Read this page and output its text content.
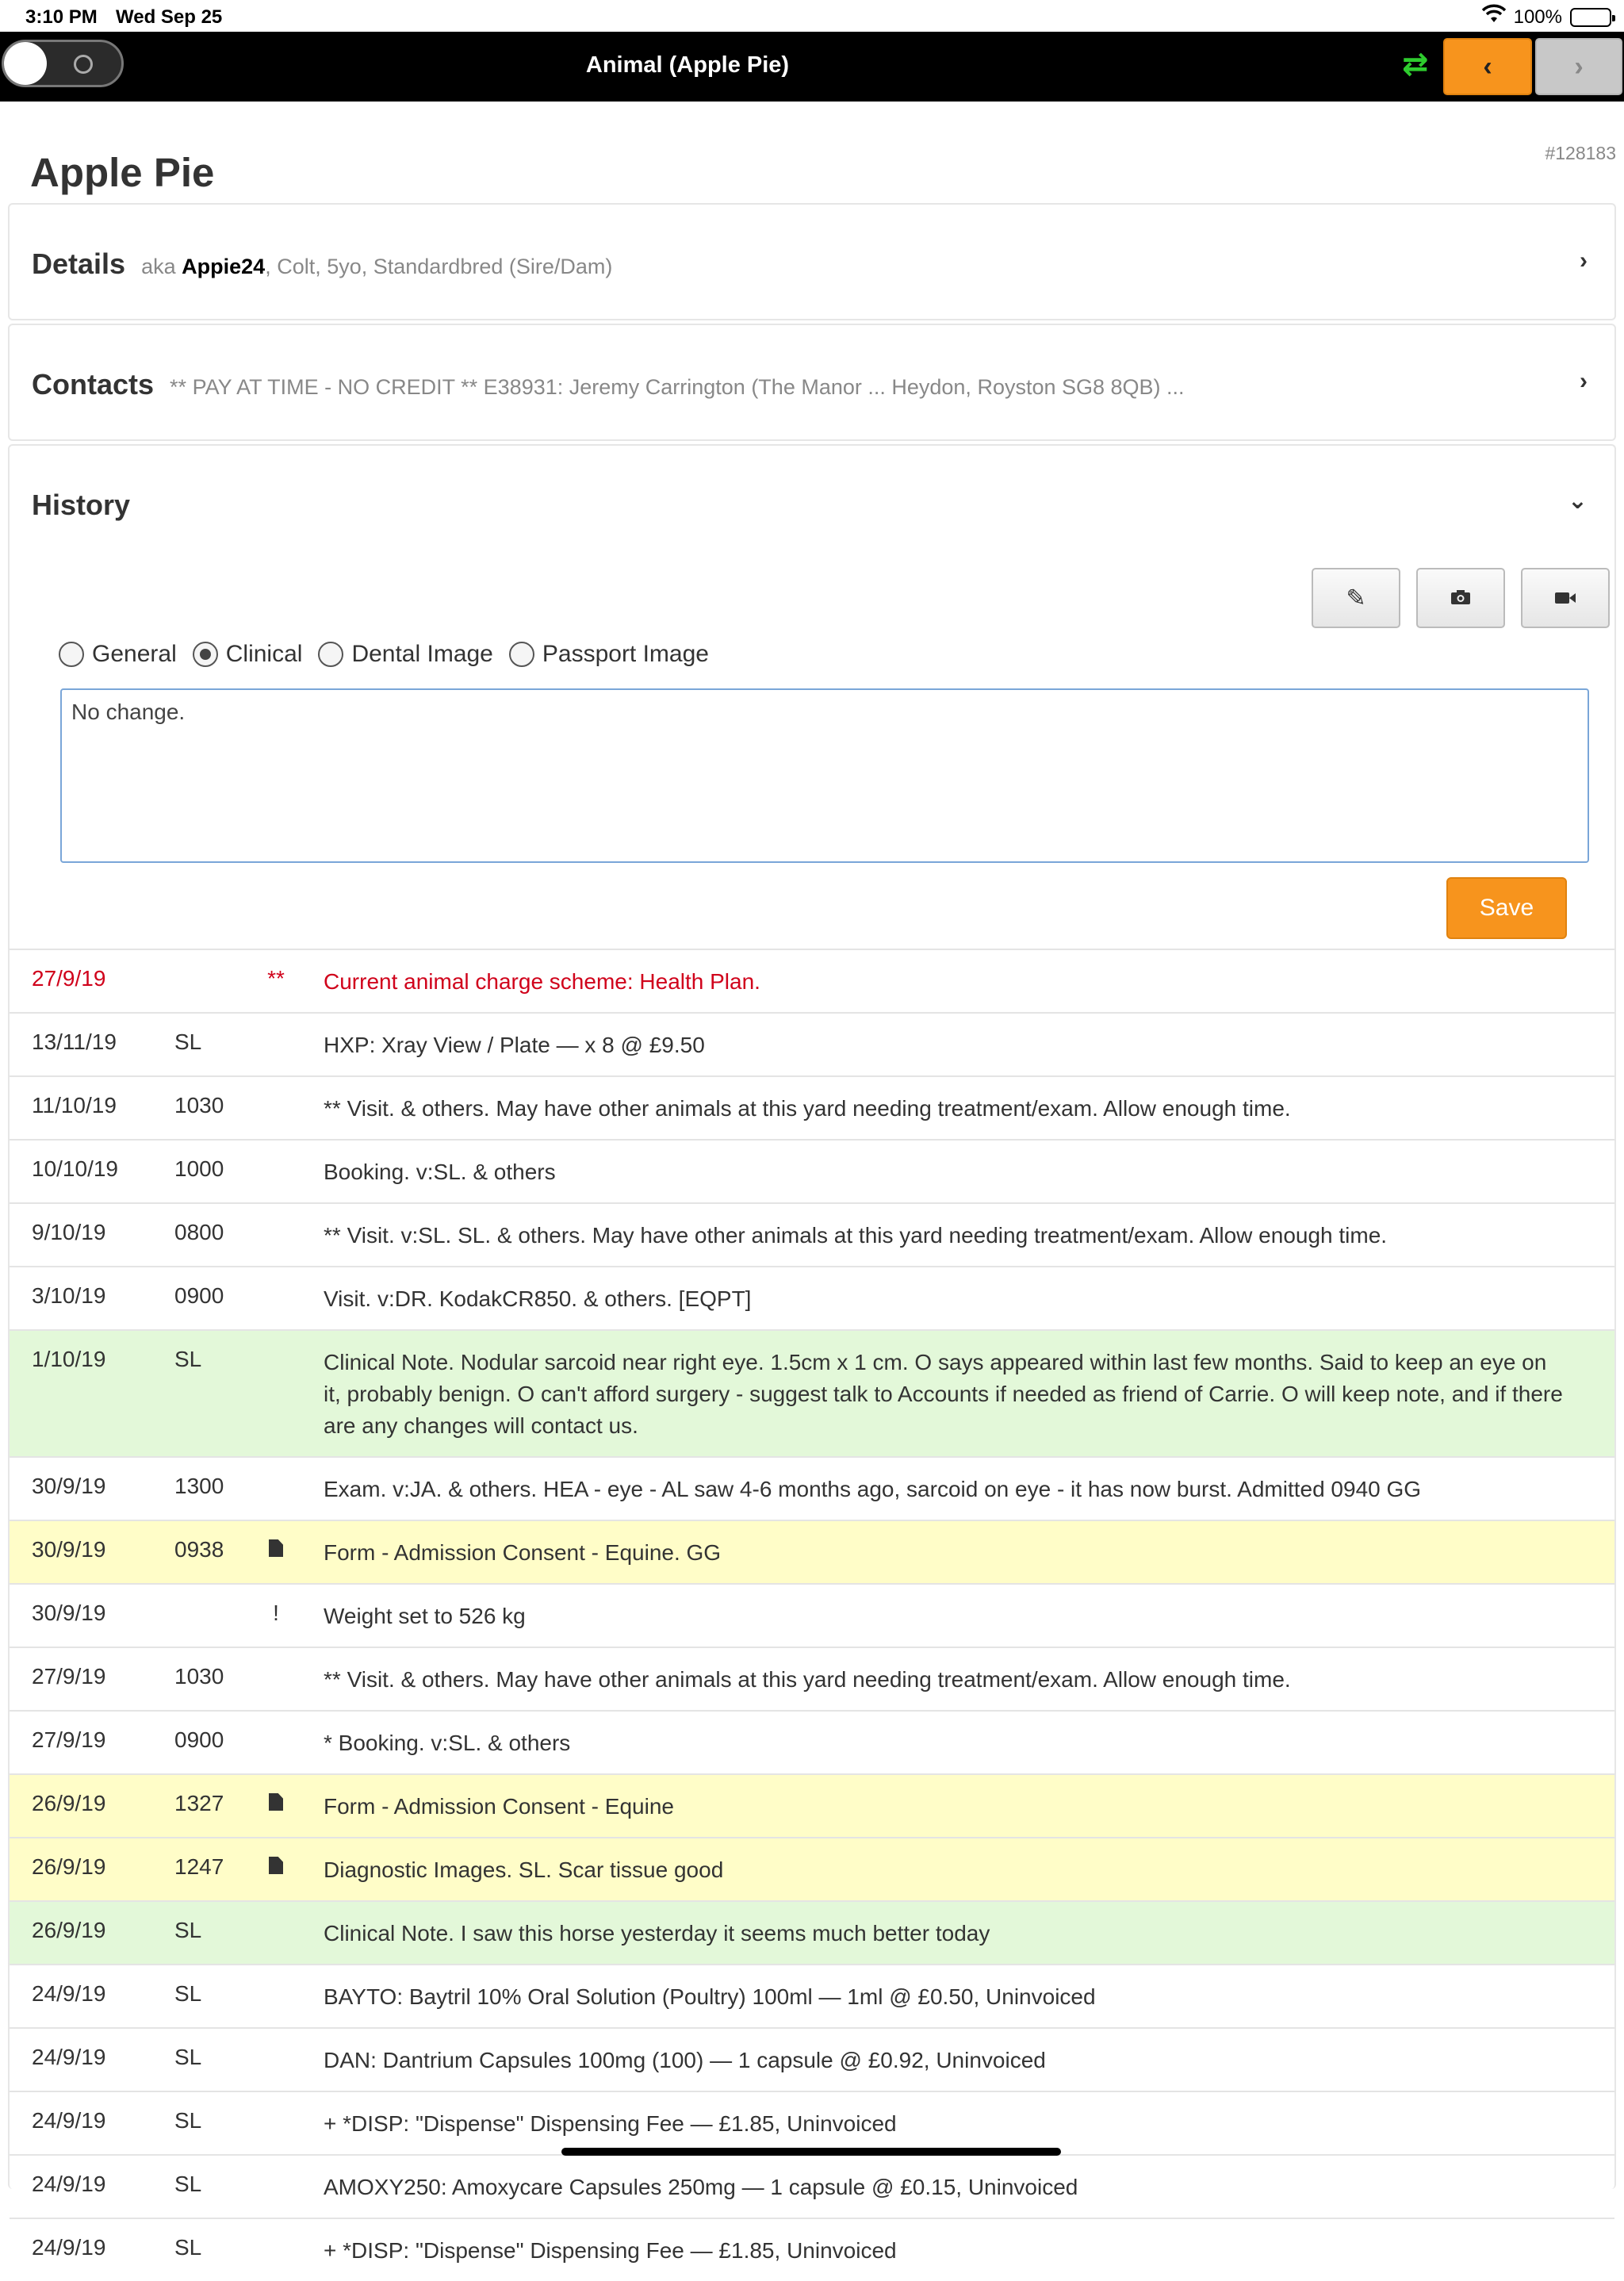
3:10 PM Wed Sep 25	100%
Animal (Apple Pie)	⇄ ‹	›
#128183
Apple Pie
Details aka Appie24, Colt, 5yo, Standardbred (Sire/Dam)	›
Contacts ** PAY AT TIME - NO CREDIT ** E38931: Jeremy Carrington (The Manor ... Heydon, Royston SG8 8QB) ...	›
History	⌄
✎
General Clinical Dental Image Passport Image
No change.
Save
27/9/19	**	Current animal charge scheme: Health Plan.
13/11/19	SL	HXP: Xray View / Plate — x 8 @ £9.50
11/10/19	1030	** Visit. & others. May have other animals at this yard needing treatment/exam. Allow enough time.
10/10/19	1000	Booking. v:SL. & others
9/10/19	0800	** Visit. v:SL. SL. & others. May have other animals at this yard needing treatment/exam. Allow enough time.
3/10/19	0900	Visit. v:DR. KodakCR850. & others. [EQPT]
1/10/19	SL	Clinical Note. Nodular sarcoid near right eye. 1.5cm x 1 cm. O says appeared within last few months. Said to keep an eye on it, probably benign. O can't afford surgery - suggest talk to Accounts if needed as friend of Carrie. O will keep note, and if there are any changes will contact us.
30/9/19	1300	Exam. v:JA. & others. HEA - eye - AL saw 4-6 months ago, sarcoid on eye - it has now burst. Admitted 0940 GG
30/9/19	0938	Form - Admission Consent - Equine. GG
30/9/19	!	Weight set to 526 kg
27/9/19	1030	** Visit. & others. May have other animals at this yard needing treatment/exam. Allow enough time.
27/9/19	0900	* Booking. v:SL. & others
26/9/19	1327	Form - Admission Consent - Equine
26/9/19	1247	Diagnostic Images. SL. Scar tissue good
26/9/19	SL	Clinical Note. I saw this horse yesterday it seems much better today
24/9/19	SL	BAYTO: Baytril 10% Oral Solution (Poultry) 100ml — 1ml @ £0.50, Uninvoiced
24/9/19	SL	DAN: Dantrium Capsules 100mg (100) — 1 capsule @ £0.92, Uninvoiced
24/9/19	SL	+ *DISP: "Dispense" Dispensing Fee — £1.85, Uninvoiced
24/9/19	SL	AMOXY250: Amoxycare Capsules 250mg — 1 capsule @ £0.15, Uninvoiced
24/9/19	SL	+ *DISP: "Dispense" Dispensing Fee — £1.85, Uninvoiced
